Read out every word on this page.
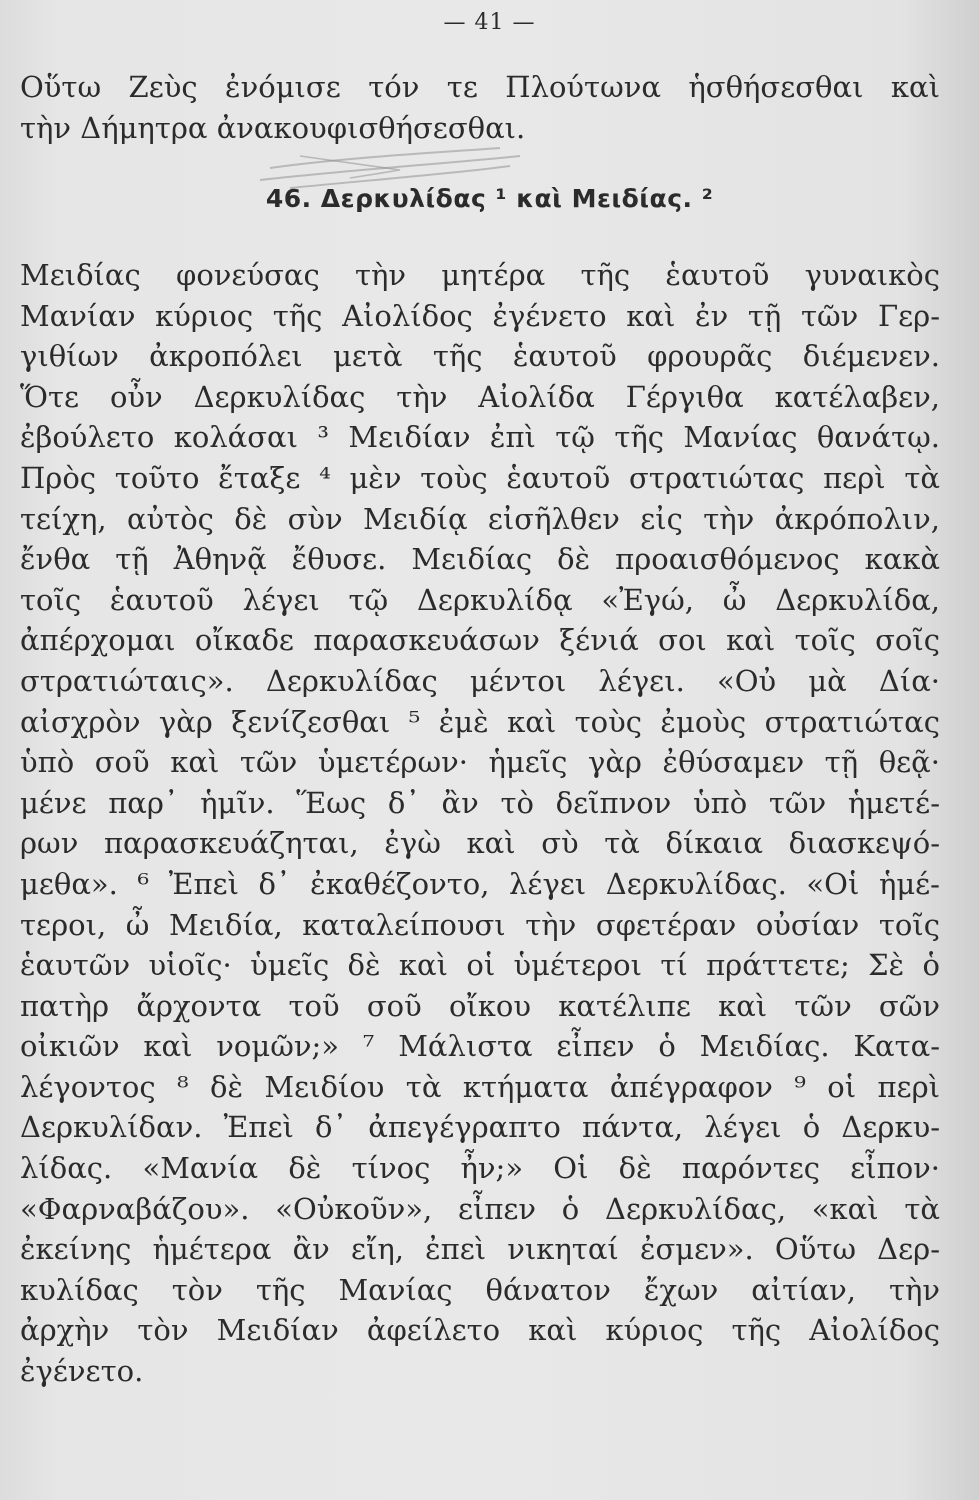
— 41 —
Οὕτω Ζεὺς ἐνόμισε τόν τε Πλούτωνα ἡσθήσεσθαι καὶ
τὴν Δήμητρα ἀνακουφισθήσεσθαι.
46. Δερκυλίδας ¹ καὶ Μειδίας. ²
Μειδίας φονεύσας τὴν μητέρα τῆς ἑαυτοῦ γυναικὸς
Μανίαν κύριος τῆς Αἰολίδος ἐγένετο καὶ ἐν τῇ τῶν Γερ-
γιθίων ἀκροπόλει μετὰ τῆς ἑαυτοῦ φρουρᾶς διέμενεν.
Ὅτε οὖν Δερκυλίδας τὴν Αἰολίδα Γέργιθα κατέλαβεν,
ἐβούλετο κολάσαι ³ Μειδίαν ἐπὶ τῷ τῆς Μανίας θανάτῳ.
Πρὸς τοῦτο ἔταξε ⁴ μὲν τοὺς ἑαυτοῦ στρατιώτας περὶ τὰ
τείχη, αὐτὸς δὲ σὺν Μειδίᾳ εἰσῆλθεν εἰς τὴν ἀκρόπολιν,
ἔνθα τῇ Ἀθηνᾷ ἔθυσε. Μειδίας δὲ προαισθόμενος κακὰ
τοῖς ἑαυτοῦ λέγει τῷ Δερκυλίδᾳ «Ἐγώ, ὦ Δερκυλίδα,
ἀπέρχομαι οἴκαδε παρασκευάσων ξένιά σοι καὶ τοῖς σοῖς
στρατιώταις». Δερκυλίδας μέντοι λέγει. «Οὐ μὰ Δία·
αἰσχρὸν γὰρ ξενίζεσθαι ⁵ ἐμὲ καὶ τοὺς ἐμοὺς στρατιώτας
ὑπὸ σοῦ καὶ τῶν ὑμετέρων· ἡμεῖς γὰρ ἐθύσαμεν τῇ θεᾷ·
μένε παρ᾽ ἡμῖν. Ἕως δ᾽ ἂν τὸ δεῖπνον ὑπὸ τῶν ἡμετέ-
ρων παρασκευάζηται, ἐγὼ καὶ σὺ τὰ δίκαια διασκεψό-
μεθα». ⁶ Ἐπεὶ δ᾽ ἐκαθέζοντο, λέγει Δερκυλίδας. «Οἱ ἡμέ-
τεροι, ὦ Μειδία, καταλείπουσι τὴν σφετέραν οὐσίαν τοῖς
ἑαυτῶν υἱοῖς· ὑμεῖς δὲ καὶ οἱ ὑμέτεροι τί πράττετε; Σὲ ὁ
πατὴρ ἄρχοντα τοῦ σοῦ οἴκου κατέλιπε καὶ τῶν σῶν
οἰκιῶν καὶ νομῶν;» ⁷ Μάλιστα εἶπεν ὁ Μειδίας. Κατα-
λέγοντος ⁸ δὲ Μειδίου τὰ κτήματα ἀπέγραφον ⁹ οἱ περὶ
Δερκυλίδαν. Ἐπεὶ δ᾽ ἀπεγέγραπτο πάντα, λέγει ὁ Δερκυ-
λίδας. «Μανία δὲ τίνος ἦν;» Οἱ δὲ παρόντες εἶπον·
«Φαρναβάζου». «Οὐκοῦν», εἶπεν ὁ Δερκυλίδας, «καὶ τὰ
ἐκείνης ἡμέτερα ἂν εἴη, ἐπεὶ νικηταί ἐσμεν». Οὕτω Δερ-
κυλίδας τὸν τῆς Μανίας θάνατον ἔχων αἰτίαν, τὴν
ἀρχὴν τὸν Μειδίαν ἀφείλετο καὶ κύριος τῆς Αἰολίδος
ἐγένετο.
